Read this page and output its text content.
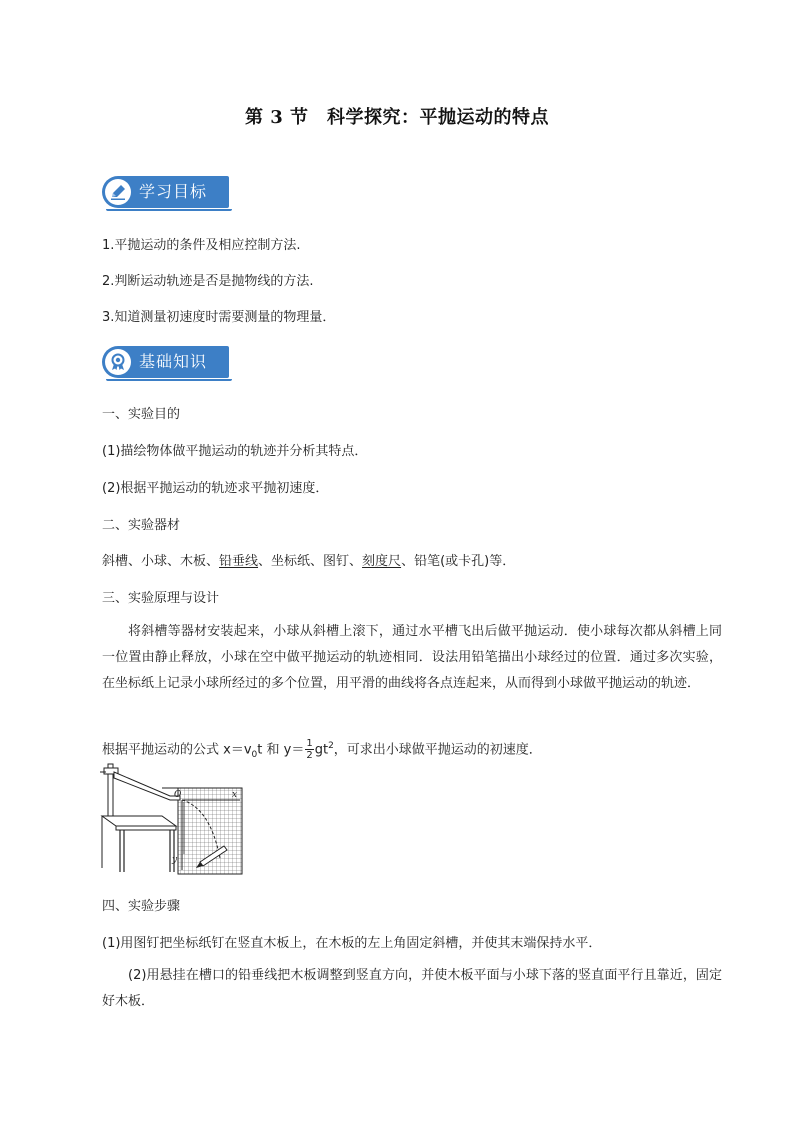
第 3 节　科学探究：平抛运动的特点
学习目标
1.平抛运动的条件及相应控制方法.
2.判断运动轨迹是否是抛物线的方法.
3.知道测量初速度时需要测量的物理量．
基础知识
一、实验目的
(1)描绘物体做平抛运动的轨迹并分析其特点．
(2)根据平抛运动的轨迹求平抛初速度．
二、实验器材
斜槽、小球、木板、铅垂线、坐标纸、图钉、刻度尺、铅笔(或卡孔)等．
三、实验原理与设计
将斜槽等器材安装起来，小球从斜槽上滚下，通过水平槽飞出后做平抛运动．使小球每次都从斜槽上同一位置由静止释放，小球在空中做平抛运动的轨迹相同．设法用铅笔描出小球经过的位置．通过多次实验，在坐标纸上记录小球所经过的多个位置，用平滑的曲线将各点连起来，从而得到小球做平抛运动的轨迹．
根据平抛运动的公式 $x=v_0t$ 和 $y= \frac{1}{2} gt^2$，可求出小球做平抛运动的初速度．
O	x
y
四、实验步骤
(1)用图钉把坐标纸钉在竖直木板上，在木板的左上角固定斜槽，并使其末端保持水平．
(2)用悬挂在槽口的铅垂线把木板调整到竖直方向，并使木板平面与小球下落的竖直面平行且靠近，固定好木板．
